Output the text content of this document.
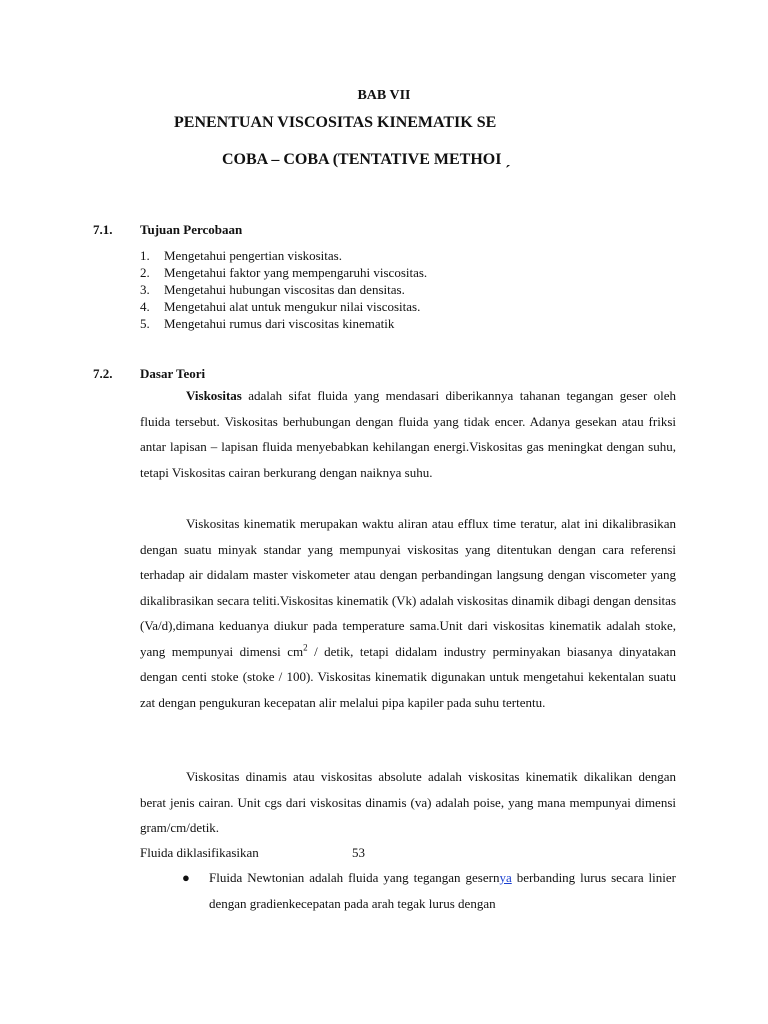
BAB VII
PENENTUAN VISCOSITAS KINEMATIK SE
COBA – COBA (TENTATIVE METHOI ˏ
7.1. Tujuan Percobaan
1.	Mengetahui pengertian viskositas.
2.	Mengetahui faktor yang mempengaruhi viscositas.
3.	Mengetahui hubungan viscositas dan densitas.
4.	Mengetahui alat untuk mengukur nilai viscositas.
5.	Mengetahui rumus dari viscositas kinematik
7.2. Dasar Teori

Viskositas adalah sifat fluida yang mendasari diberikannya tahanan tegangan geser oleh fluida tersebut. Viskositas berhubungan dengan fluida yang tidak encer. Adanya gesekan atau friksi antar lapisan – lapisan fluida menyebabkan kehilangan energi.Viskositas gas meningkat dengan suhu, tetapi Viskositas cairan berkurang dengan naiknya suhu.

Viskositas kinematik merupakan waktu aliran atau efflux time teratur, alat ini dikalibrasikan dengan suatu minyak standar yang mempunyai viskositas yang ditentukan dengan cara referensi terhadap air didalam master viskometer atau dengan perbandingan langsung dengan viscometer yang dikalibrasikan secara teliti.Viskositas kinematik (Vk) adalah viskositas dinamik dibagi dengan densitas (Va/d),dimana keduanya diukur pada temperature sama.Unit dari viskositas kinematik adalah stoke, yang mempunyai dimensi $cm^2$ / detik, tetapi didalam industry perminyakan biasanya dinyatakan dengan centi stoke (stoke / 100). Viskositas kinematik digunakan untuk mengetahui kekentalan suatu zat dengan pengukuran kecepatan alir melalui pipa kapiler pada suhu tertentu.

Viskositas dinamis atau viskositas absolute adalah viskositas kinematik dikalikan dengan berat jenis cairan. Unit cgs dari viskositas dinamis (va) adalah poise, yang mana mempunyai dimensi gram/cm/detik.

Fluida diklasifikasikan	53
● Fluida Newtonian adalah fluida yang tegangan gesernya berbanding lurus secara linier dengan gradienkecepatan pada arah tegak lurus dengan
